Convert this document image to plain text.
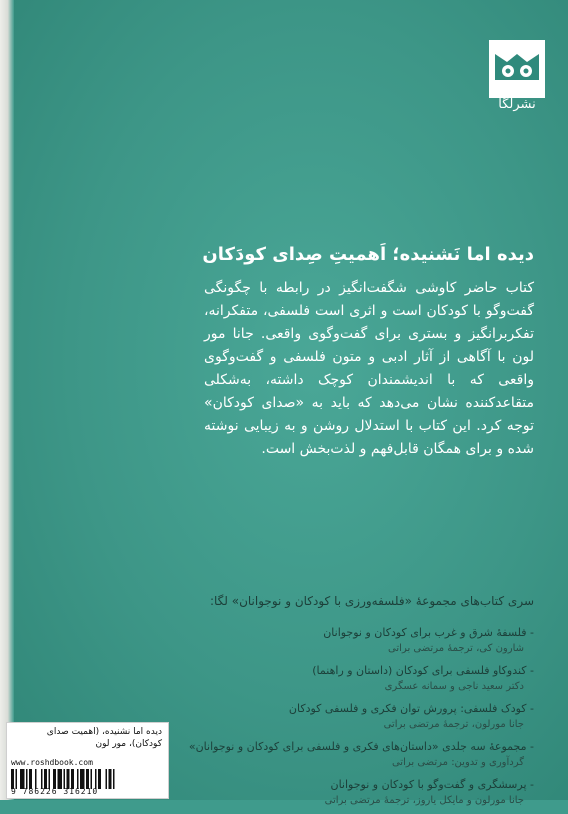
نشرلگا
دیده اما نَشنیده؛ اَهمیتِ صِدای کودَکان

کتاب حاضر کاوشی شگفت‌انگیز در رابطه با چگونگی گفت‌وگو با کودکان است و اثری است فلسفی، متفکرانه، تفکربرانگیز و بستری برای گفت‌وگوی واقعی. جانا مور لون با آگاهی از آثار ادبی و متون فلسفی و گفت‌وگوی واقعی که با اندیشمندان کوچک داشته، به‌شکلی متقاعدکننده نشان می‌دهد که باید به «صدای کودکان» توجه کرد. این کتاب با استدلال روشن و به زیبایی نوشته شده و برای همگان قابل‌فهم و لذت‌بخش است.

سری کتاب‌های مجموعۀ «فلسفه‌ورزی با کودکان و نوجوانان» لگا:
- فلسفۀ شرق و غرب برای کودکان و نوجوانان
شارون کی، ترجمۀ مرتضی براتی
- کندوکاو فلسفی برای کودکان (داستان و راهنما)
دکتر سعید ناجی و سمانه عسگری
- کودک فلسفی: پرورش توان فکری و فلسفی کودکان
جانا مورلون، ترجمۀ مرتضی براتی
- مجموعۀ سه جلدی «داستان‌های فکری و فلسفی برای کودکان و نوجوانان»
گردآوری و تدوین: مرتضی براتی
- پرسشگری و گفت‌وگو با کودکان و نوجوانان
جانا مورلون و مایکل یاروز، ترجمۀ مرتضی براتی
دیده اما نشنیده، (اهمیت صدای کودکان)، مور لون
www.roshdbook.com
9 786226 316210
